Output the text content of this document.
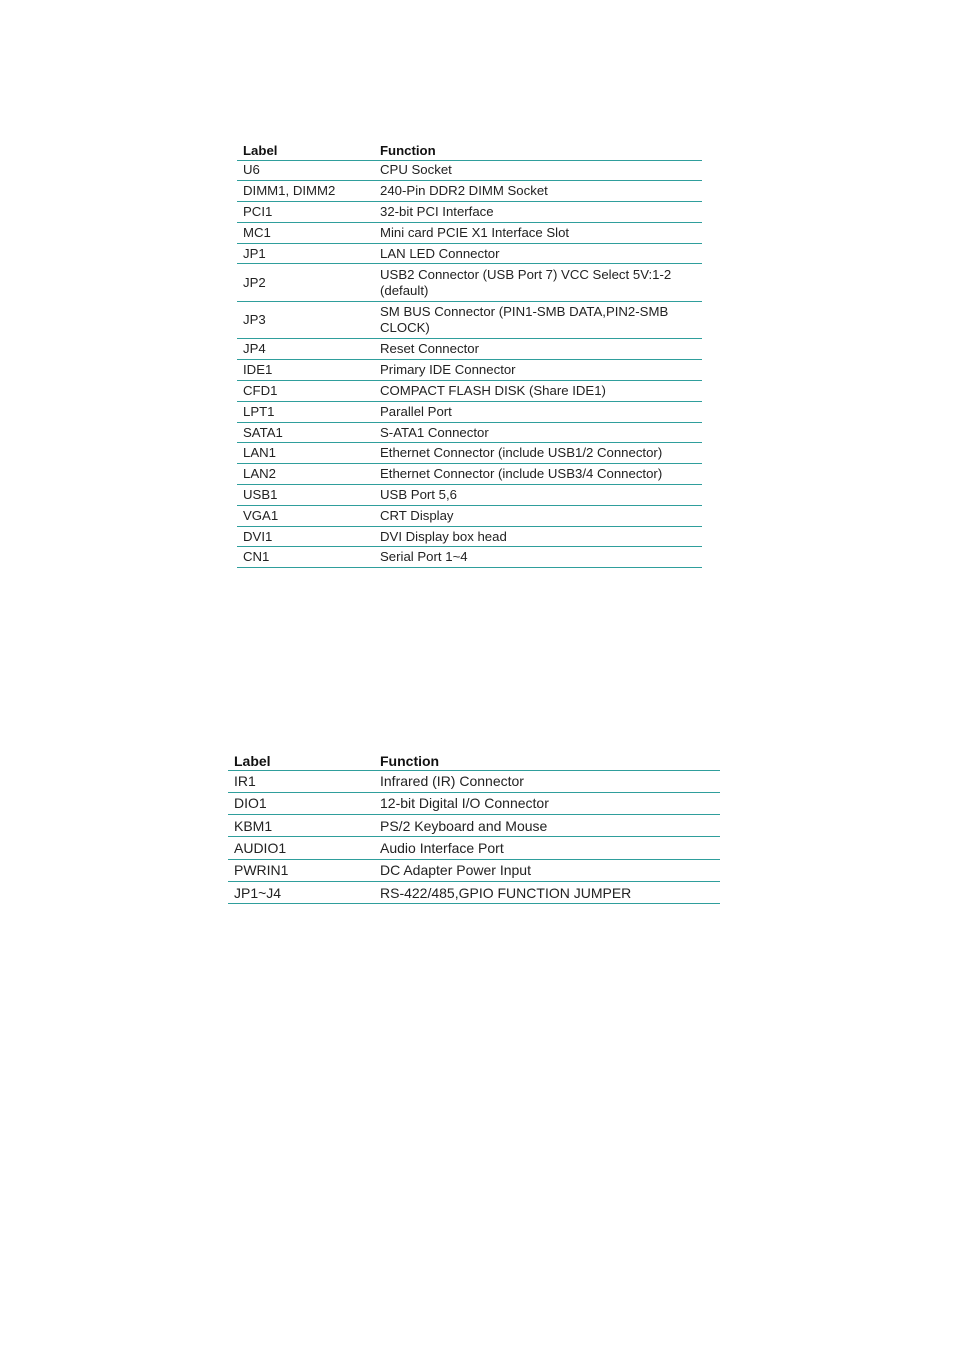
Label	Function
U6	CPU Socket
DIMM1, DIMM2	240-Pin DDR2 DIMM Socket
PCI1	32-bit PCI Interface
MC1	Mini card PCIE X1 Interface Slot
JP1	LAN LED Connector
JP2	USB2 Connector (USB Port 7) VCC Select 5V:1-2 (default)
JP3	SM BUS Connector (PIN1-SMB DATA,PIN2-SMB CLOCK)
JP4	Reset Connector
IDE1	Primary IDE Connector
CFD1	COMPACT FLASH DISK (Share IDE1)
LPT1	Parallel Port
SATA1	S-ATA1 Connector
LAN1	Ethernet Connector (include USB1/2 Connector)
LAN2	Ethernet Connector (include USB3/4 Connector)
USB1	USB Port 5,6
VGA1	CRT Display
DVI1	DVI Display box head
CN1	Serial Port 1~4
Label	Function
IR1	Infrared (IR) Connector
DIO1	12-bit Digital I/O Connector
KBM1	PS/2 Keyboard and Mouse
AUDIO1	Audio Interface Port
PWRIN1	DC Adapter Power Input
JP1~J4	RS-422/485,GPIO FUNCTION JUMPER
